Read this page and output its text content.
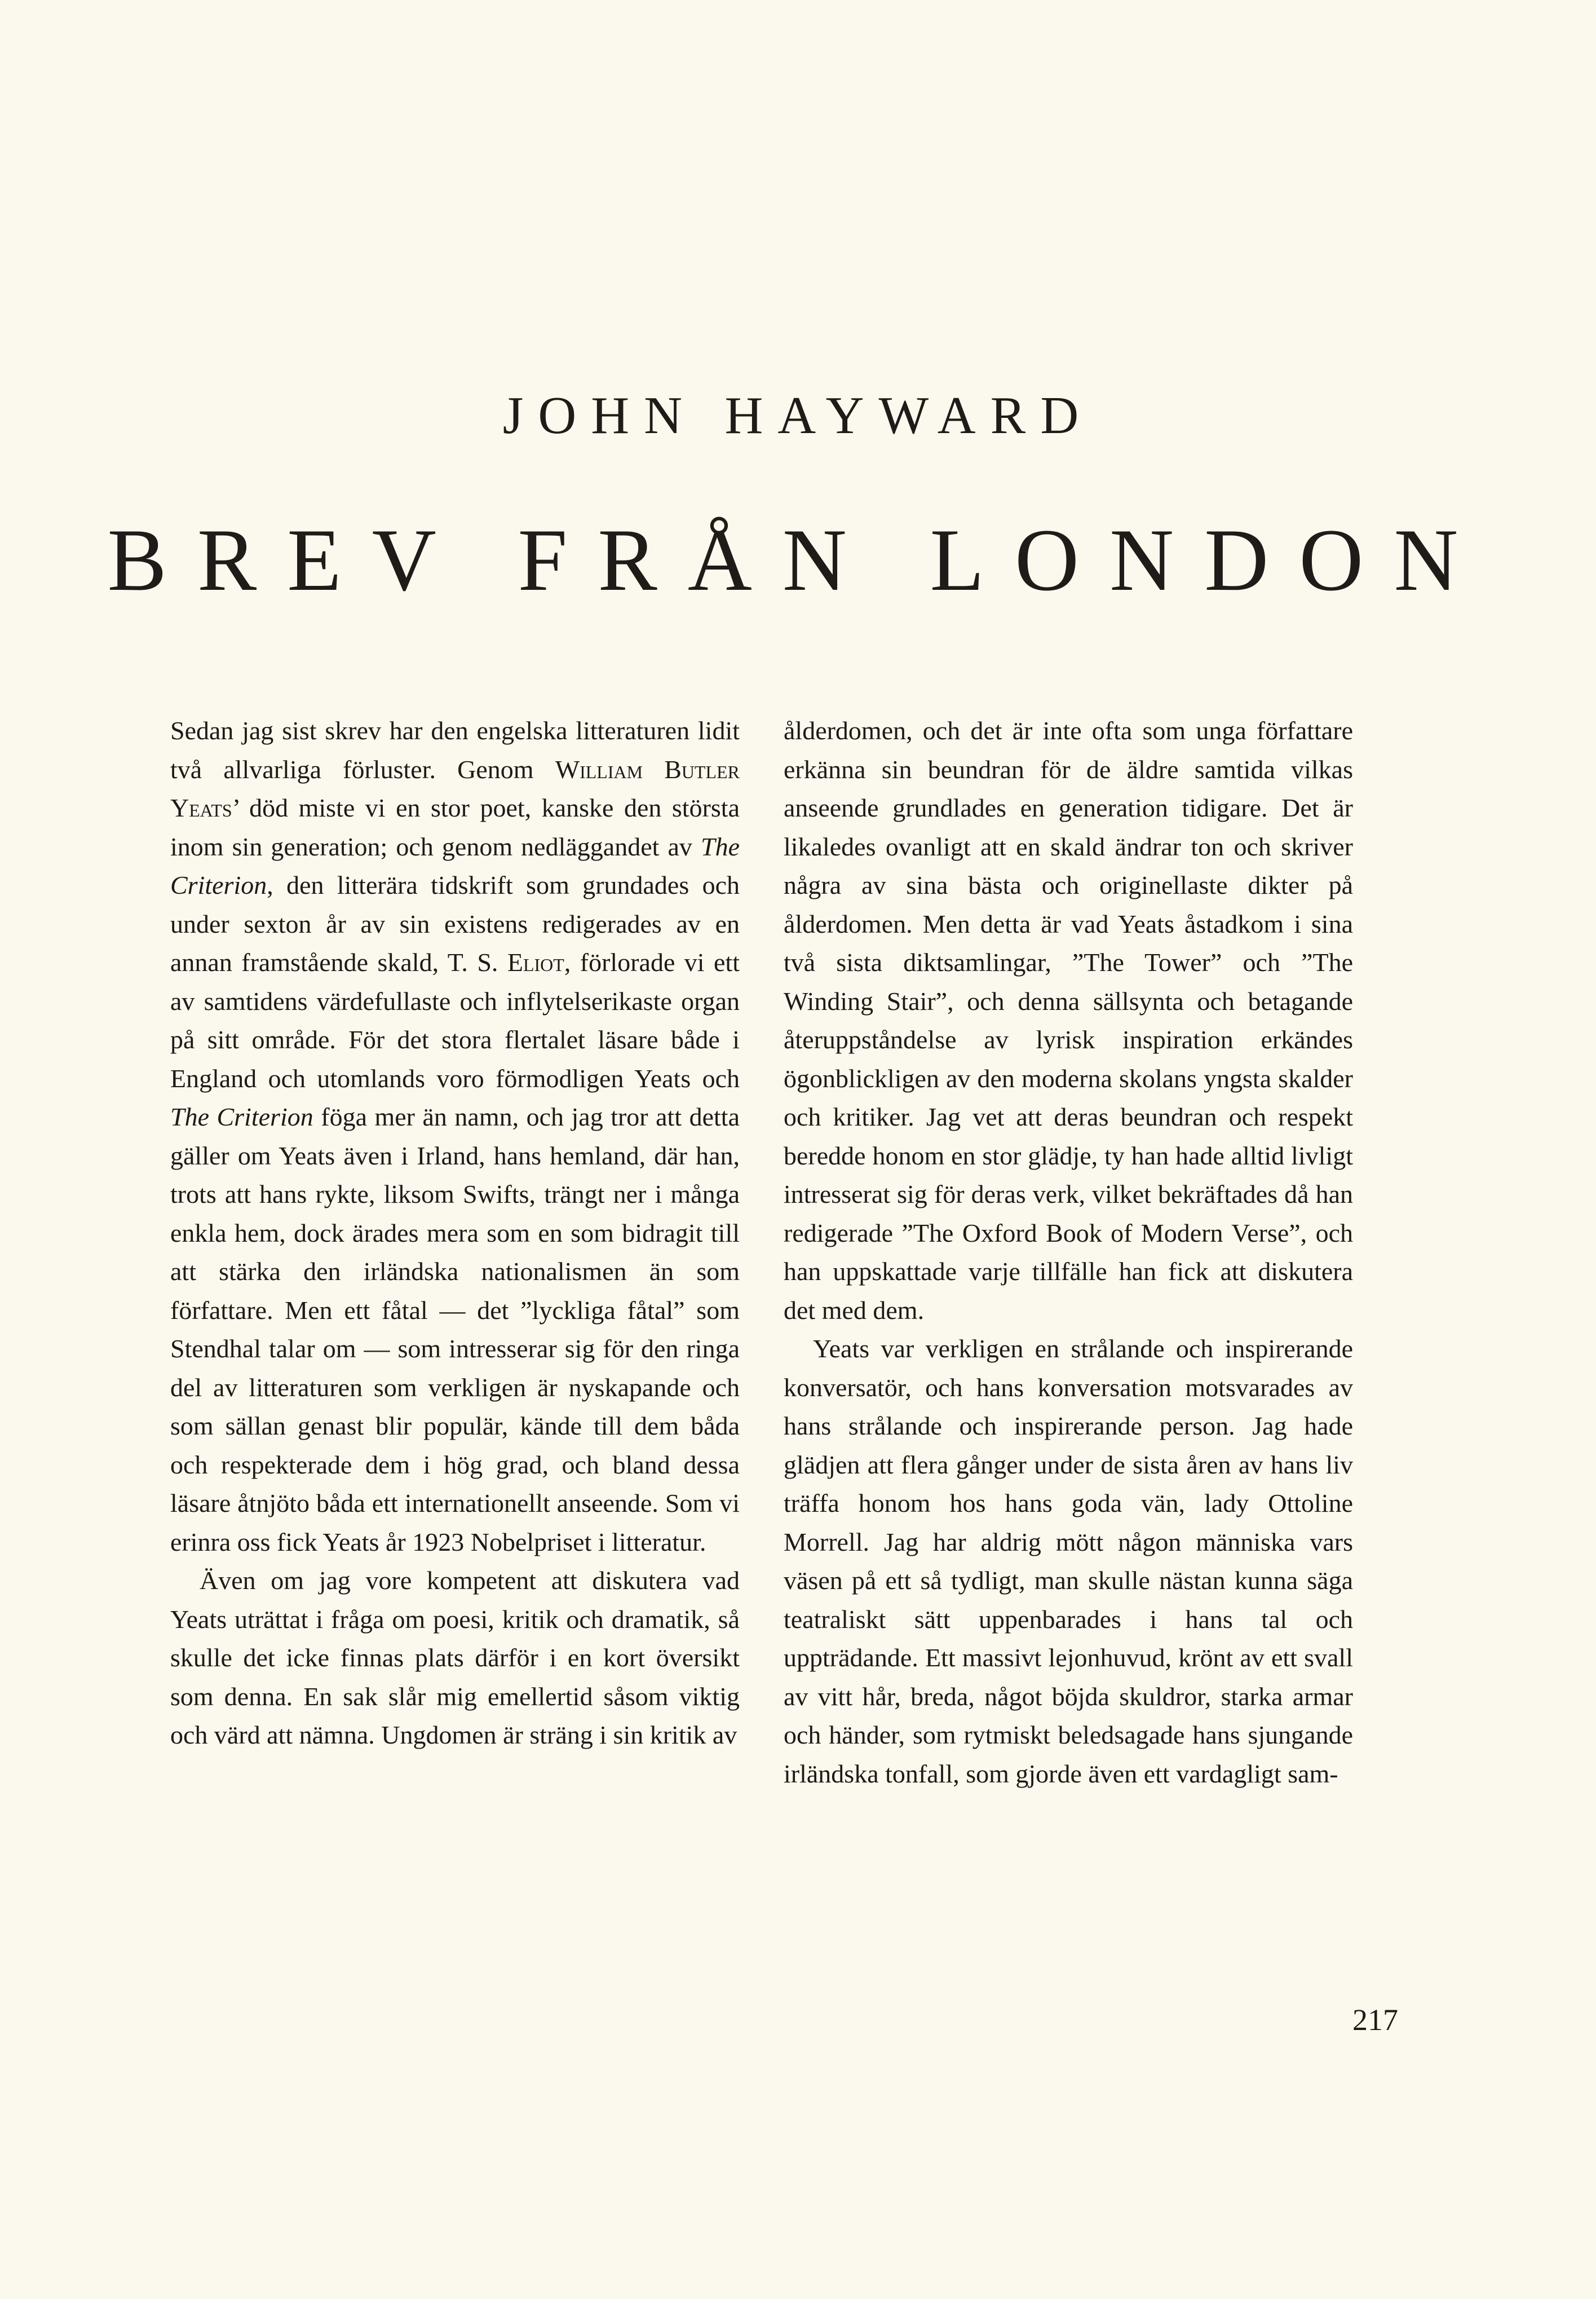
JOHN HAYWARD
BREV FRÅN LONDON

Sedan jag sist skrev har den engelska litteraturen lidit två allvarliga förluster. Genom William Butler Yeats’ död miste vi en stor poet, kanske den största inom sin generation; och genom nedläggandet av The Criterion, den litterära tidskrift som grundades och under sexton år av sin existens redigerades av en annan framstående skald, T. S. Eliot, förlorade vi ett av samtidens värdefullaste och inflytelserikaste organ på sitt område. För det stora flertalet läsare både i England och utomlands voro förmodligen Yeats och The Criterion föga mer än namn, och jag tror att detta gäller om Yeats även i Irland, hans hemland, där han, trots att hans rykte, liksom Swifts, trängt ner i många enkla hem, dock ärades mera som en som bidragit till att stärka den irländska nationalismen än som författare. Men ett fåtal — det ”lyckliga fåtal” som Stendhal talar om — som intresserar sig för den ringa del av litteraturen som verkligen är nyskapande och som sällan genast blir populär, kände till dem båda och respekterade dem i hög grad, och bland dessa läsare åtnjöto båda ett internationellt anseende. Som vi erinra oss fick Yeats år 1923 Nobelpriset i litteratur.

Även om jag vore kompetent att diskutera vad Yeats uträttat i fråga om poesi, kritik och dramatik, så skulle det icke finnas plats därför i en kort översikt som denna. En sak slår mig emellertid såsom viktig och värd att nämna. Ungdomen är sträng i sin kritik av

ålderdomen, och det är inte ofta som unga författare erkänna sin beundran för de äldre samtida vilkas anseende grundlades en generation tidigare. Det är likaledes ovanligt att en skald ändrar ton och skriver några av sina bästa och originellaste dikter på ålderdomen. Men detta är vad Yeats åstadkom i sina två sista diktsamlingar, ”The Tower” och ”The Winding Stair”, och denna sällsynta och betagande återuppståndelse av lyrisk inspiration erkändes ögonblickligen av den moderna skolans yngsta skalder och kritiker. Jag vet att deras beundran och respekt beredde honom en stor glädje, ty han hade alltid livligt intresserat sig för deras verk, vilket bekräftades då han redigerade ”The Oxford Book of Modern Verse”, och han uppskattade varje tillfälle han fick att diskutera det med dem.

Yeats var verkligen en strålande och inspirerande konversatör, och hans konversation motsvarades av hans strålande och inspirerande person. Jag hade glädjen att flera gånger under de sista åren av hans liv träffa honom hos hans goda vän, lady Ottoline Morrell. Jag har aldrig mött någon människa vars väsen på ett så tydligt, man skulle nästan kunna säga teatraliskt sätt uppenbarades i hans tal och uppträdande. Ett massivt lejonhuvud, krönt av ett svall av vitt hår, breda, något böjda skuldror, starka armar och händer, som rytmiskt beledsagade hans sjungande irländska tonfall, som gjorde även ett vardagligt sam-

217
